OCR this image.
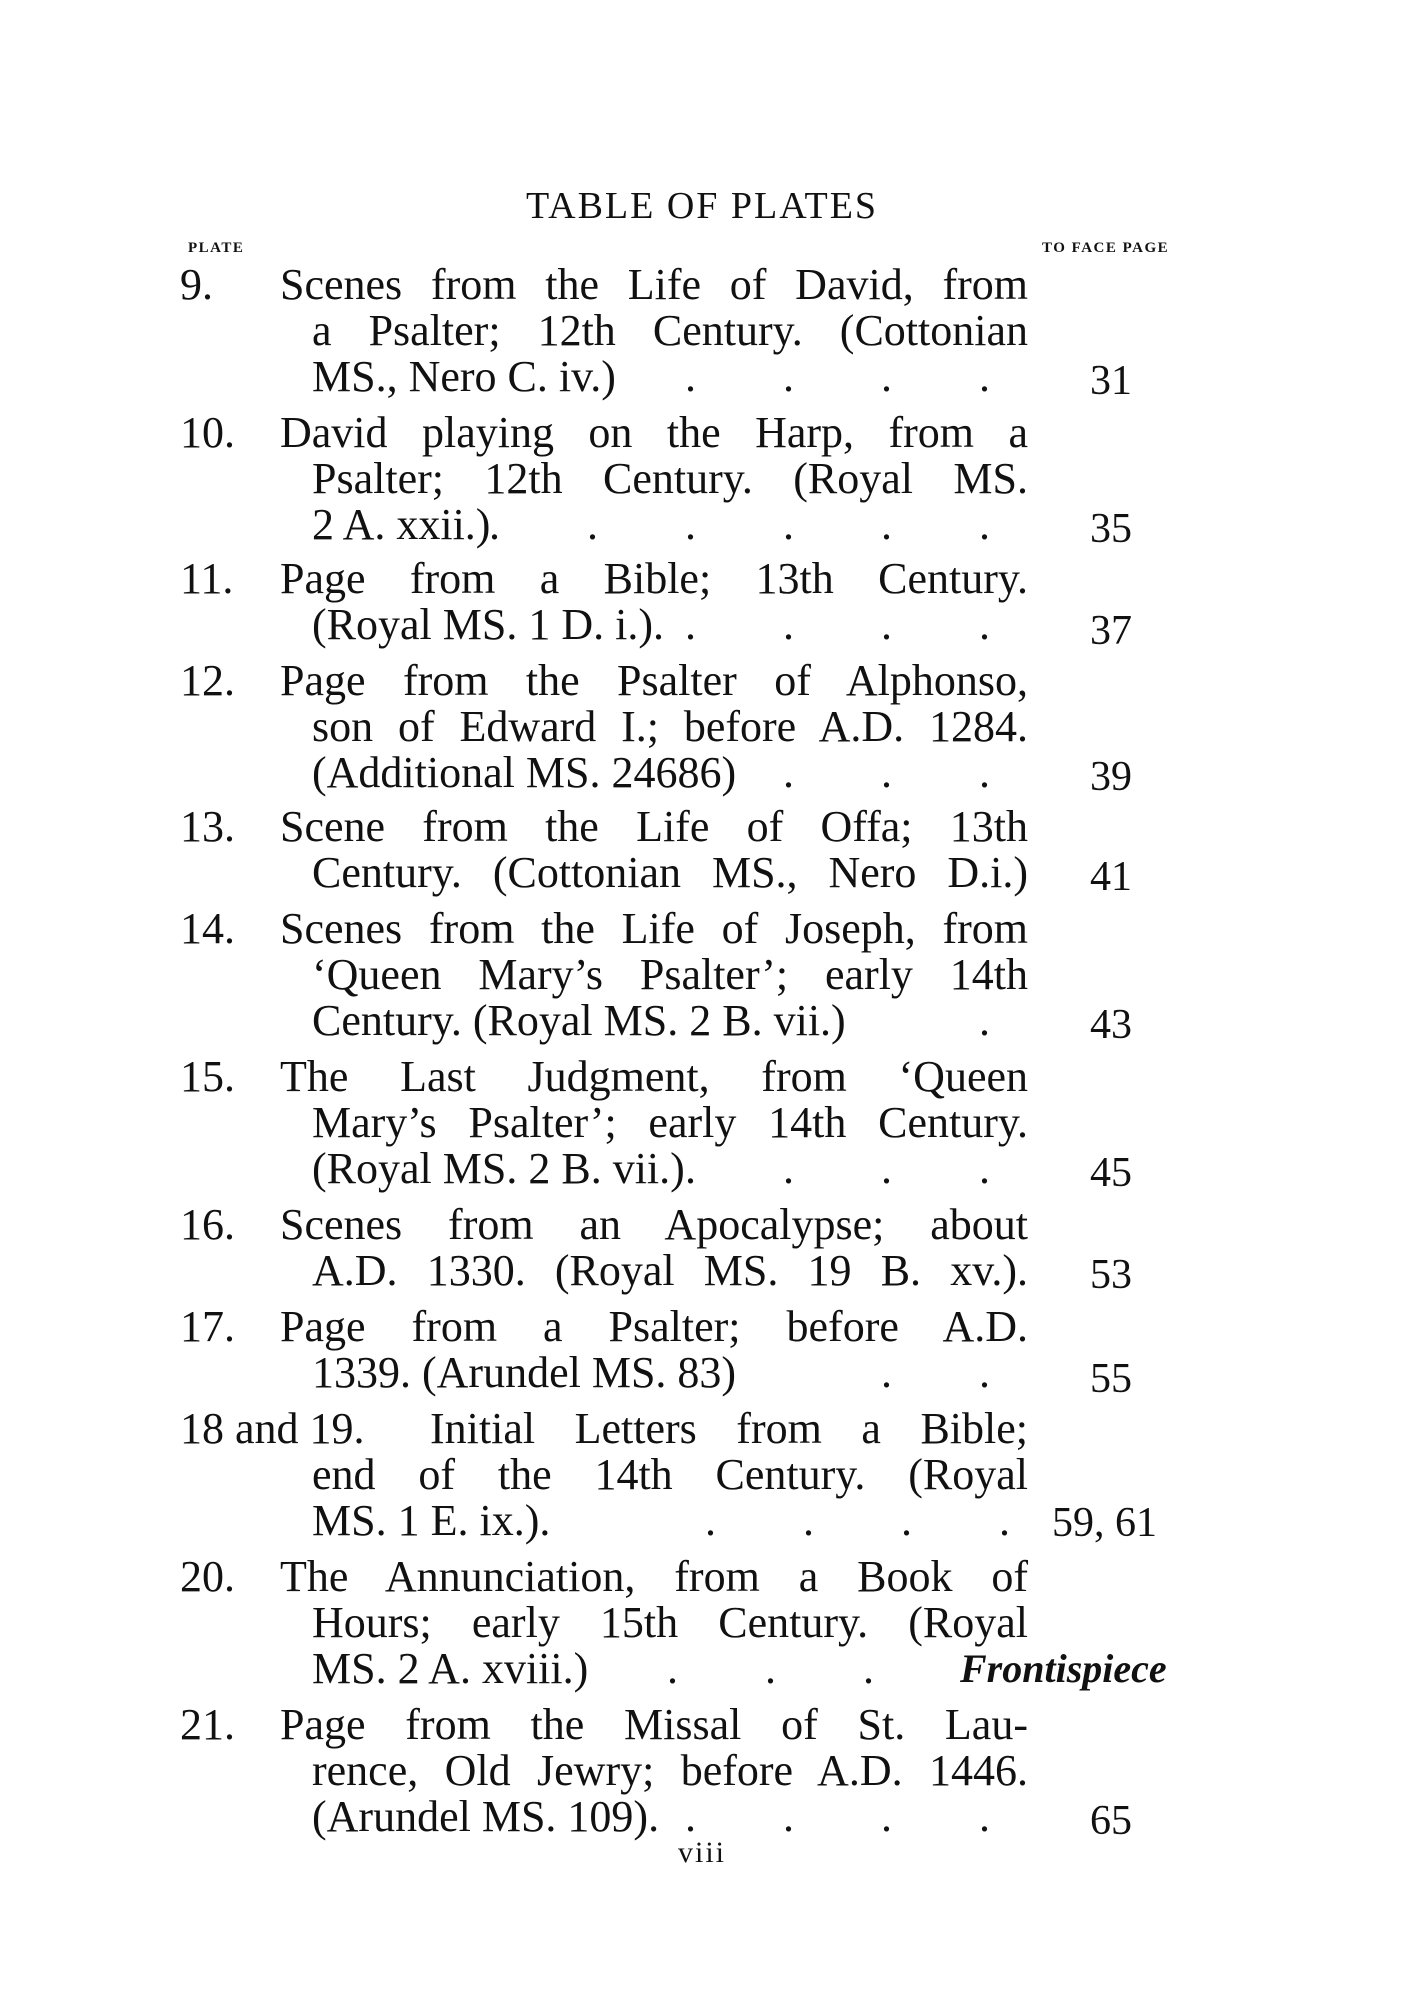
TABLE OF PLATES
PLATE	TO FACE PAGE
9. Scenes from the Life of David, from
a Psalter; 12th Century. (Cottonian
MS., Nero C. iv.) . . . . 31
10. David playing on the Harp, from a
Psalter; 12th Century. (Royal MS.
2 A. xxii.)
. . . . . . 35
11. Page from a Bible; 13th Century.
(Royal MS. 1 D. i.). . . . . 37
12. Page from the Psalter of Alphonso,
son of Edward I.; before A.D. 1284.
(Additional MS. 24686) . . . 39
13. Scene from the Life of Offa; 13th
Century. (Cottonian MS., Nero D.i.) 41
14. Scenes from the Life of Joseph, from
‘Queen Mary’s Psalter’; early 14th
Century. (Royal MS. 2 B. vii.)	. 43
15. The Last Judgment, from ‘Queen
Mary’s Psalter’; early 14th Century.
(Royal MS. 2 B. vii.) . . . . 45
16. Scenes from an Apocalypse; about
A.D. 1330. (Royal MS. 19 B. xv.). 53
17. Page from a Psalter; before A.D.
1339. (Arundel MS. 83)	. . 55
18 and 19. Initial Letters from a Bible;
end of the 14th Century. (Royal
MS. 1 E. ix.).	. . . . 59, 61
20. The Annunciation, from a Book of
Hours; early 15th Century. (Royal
MS. 2 A. xviii.) . . . Frontispiece
21. Page from the Missal of St. Lau-
rence, Old Jewry; before A.D. 1446.
(Arundel MS. 109). . . . . 65
viii
